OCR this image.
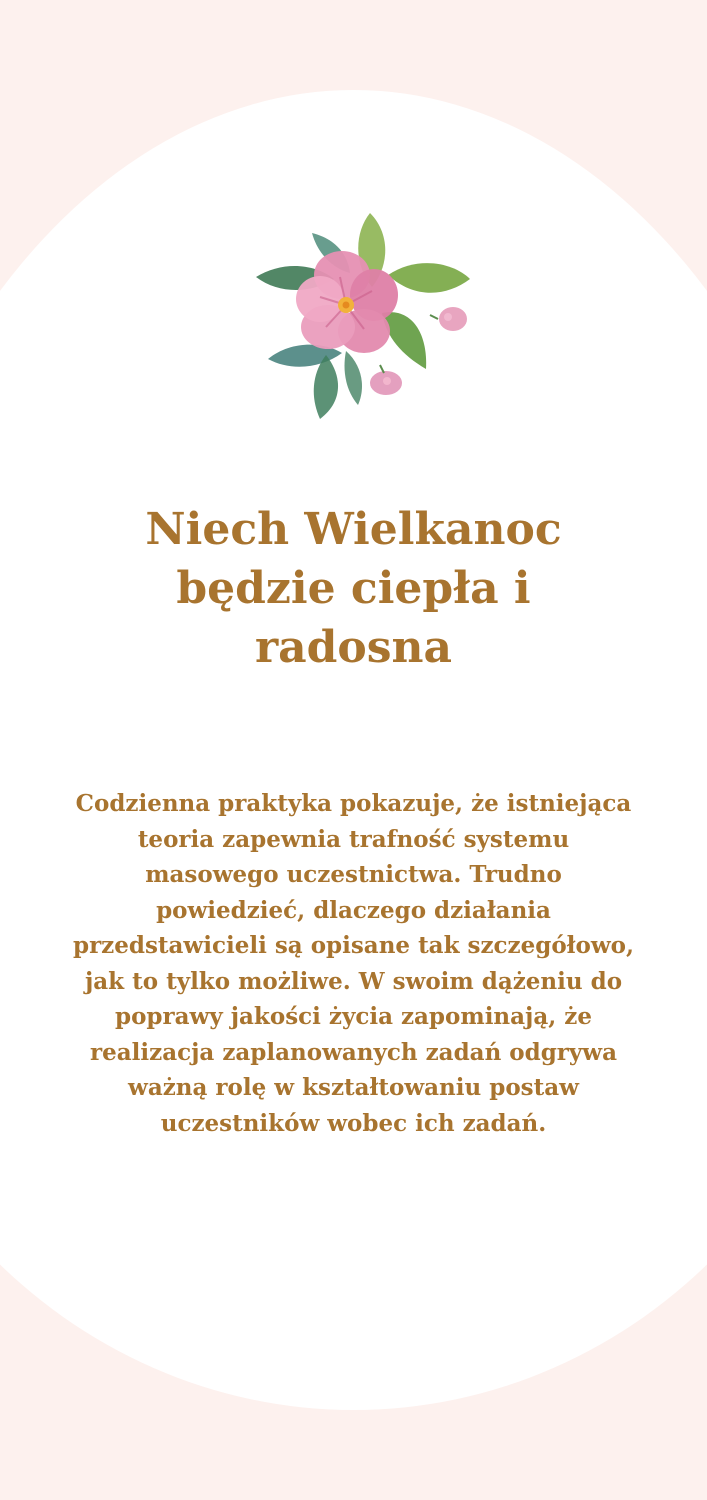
Niech Wielkanoc będzie ciepła i radosna

Codzienna praktyka pokazuje, że istniejąca teoria zapewnia trafność systemu masowego uczestnictwa. Trudno powiedzieć, dlaczego działania przedstawicieli są opisane tak szczegółowo, jak to tylko możliwe. W swoim dążeniu do poprawy jakości życia zapominają, że realizacja zaplanowanych zadań odgrywa ważną rolę w kształtowaniu postaw uczestników wobec ich zadań.
